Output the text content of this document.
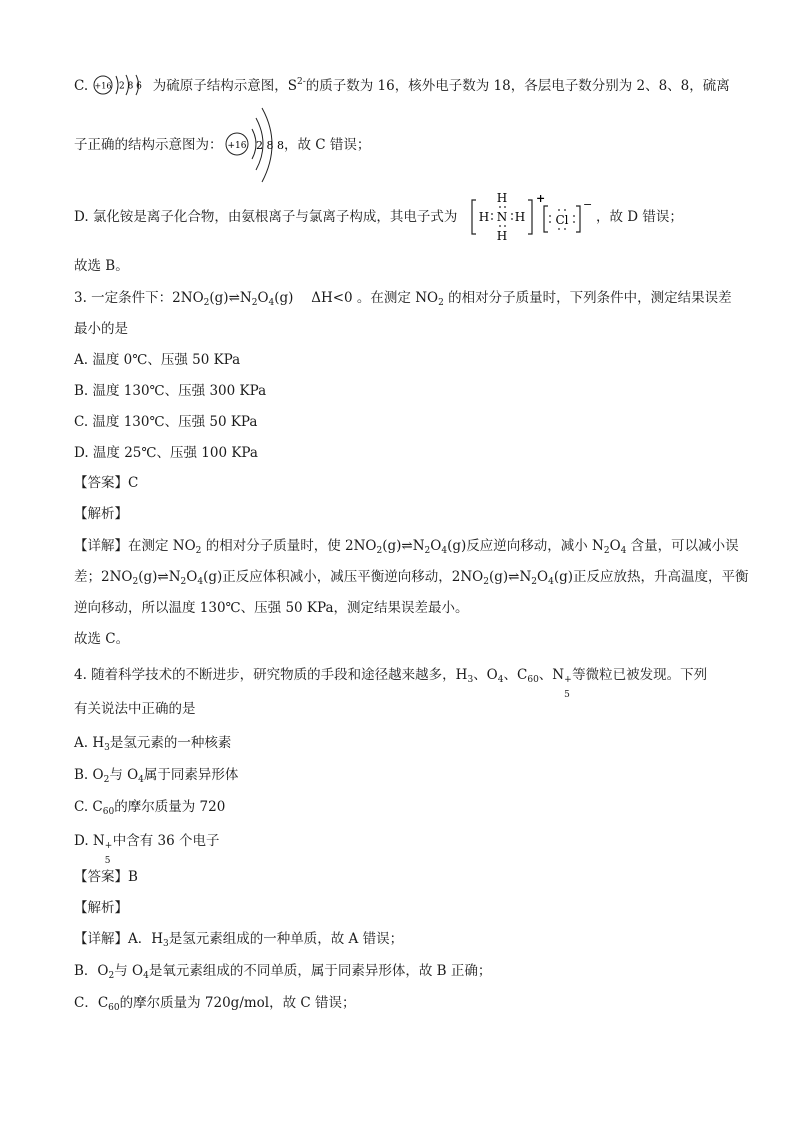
C. +16 2 8 6 为硫原子结构示意图，$S^{2-}$的质子数为 16，核外电子数为 18，各层电子数分别为 2、8、8，硫离
子正确的结构示意图为： +16 2 8 8 ，故 C 错误；
D. 氯化铵是离子化合物，由氨根离子与氯离子构成，其电子式为 H N H
H
H
+
Cl
−
，故 D 错误；
故选 B。
3. 一定条件下：$2NO_2(g)\rightleftharpoons N_2O_4(g)$　 ΔH<0 。在测定 $NO_2$ 的相对分子质量时，下列条件中，测定结果误差
最小的是
A. 温度 0℃、压强 50 KPa
B. 温度 130℃、压强 300 KPa
C. 温度 130℃、压强 50 KPa
D. 温度 25℃、压强 100 KPa
【答案】C
【解析】
【详解】在测定 $NO_2$ 的相对分子质量时，使 $2NO_2(g)\rightleftharpoons N_2O_4(g)$反应逆向移动，减小 $N_2O_4$ 含量，可以减小误
差；$2NO_2(g)\rightleftharpoons N_2O_4(g)$正反应体积减小，减压平衡逆向移动，$2NO_2(g)\rightleftharpoons N_2O_4(g)$正反应放热，升高温度，平衡
逆向移动，所以温度 130℃、压强 50 KPa，测定结果误差最小。
故选 C。
4. 随着科学技术的不断进步，研究物质的手段和途径越来越多，$H_3$、$O_4$、$C_{60}$、N
5
+ 等微粒已被发现。下列
有关说法中正确的是
A. $H_3$是氢元素的一种核素
B. $O_2$与 $O_4$属于同素异形体
C. $C_{60}$的摩尔质量为 720
D. N
5
+ 中含有 36 个电子
【答案】B
【解析】
【详解】A．$H_3$是氢元素组成的一种单质，故 A 错误；
B．$O_2$与 $O_4$是氧元素组成的不同单质，属于同素异形体，故 B 正确；
C．$C_{60}$的摩尔质量为 720g/mol，故 C 错误；
